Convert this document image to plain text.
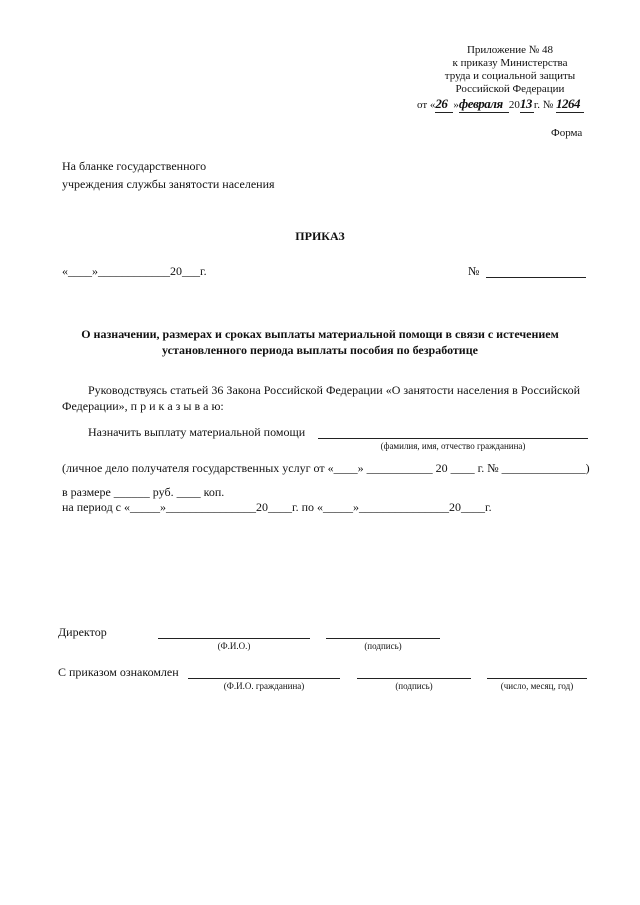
Приложение № 48
к приказу Министерства
труда и социальной защиты
Российской Федерации
от «26 »февраля 2013 г. № 1264
Форма
На бланке государственного
учреждения службы занятости населения
ПРИКАЗ
«____»____________20___г.	№
О назначении, размерах и сроках выплаты материальной помощи в связи с истечением
установленного периода выплаты пособия по безработице
Руководствуясь статьей 36 Закона Российской Федерации «О занятости населения в Российской Федерации», п р и к а з ы в а ю:
Назначить выплату материальной помощи
(фамилия, имя, отчество гражданина)
(личное дело получателя государственных услуг от «____» ___________ 20 ____ г. № ______________)
в размере ______ руб. ____ коп.
на период с «_____»_______________20____г. по «_____»_______________20____г.
Директор
(Ф.И.О.)	(подпись)
С приказом ознакомлен
(Ф.И.О. гражданина)	(подпись)	(число, месяц, год)
